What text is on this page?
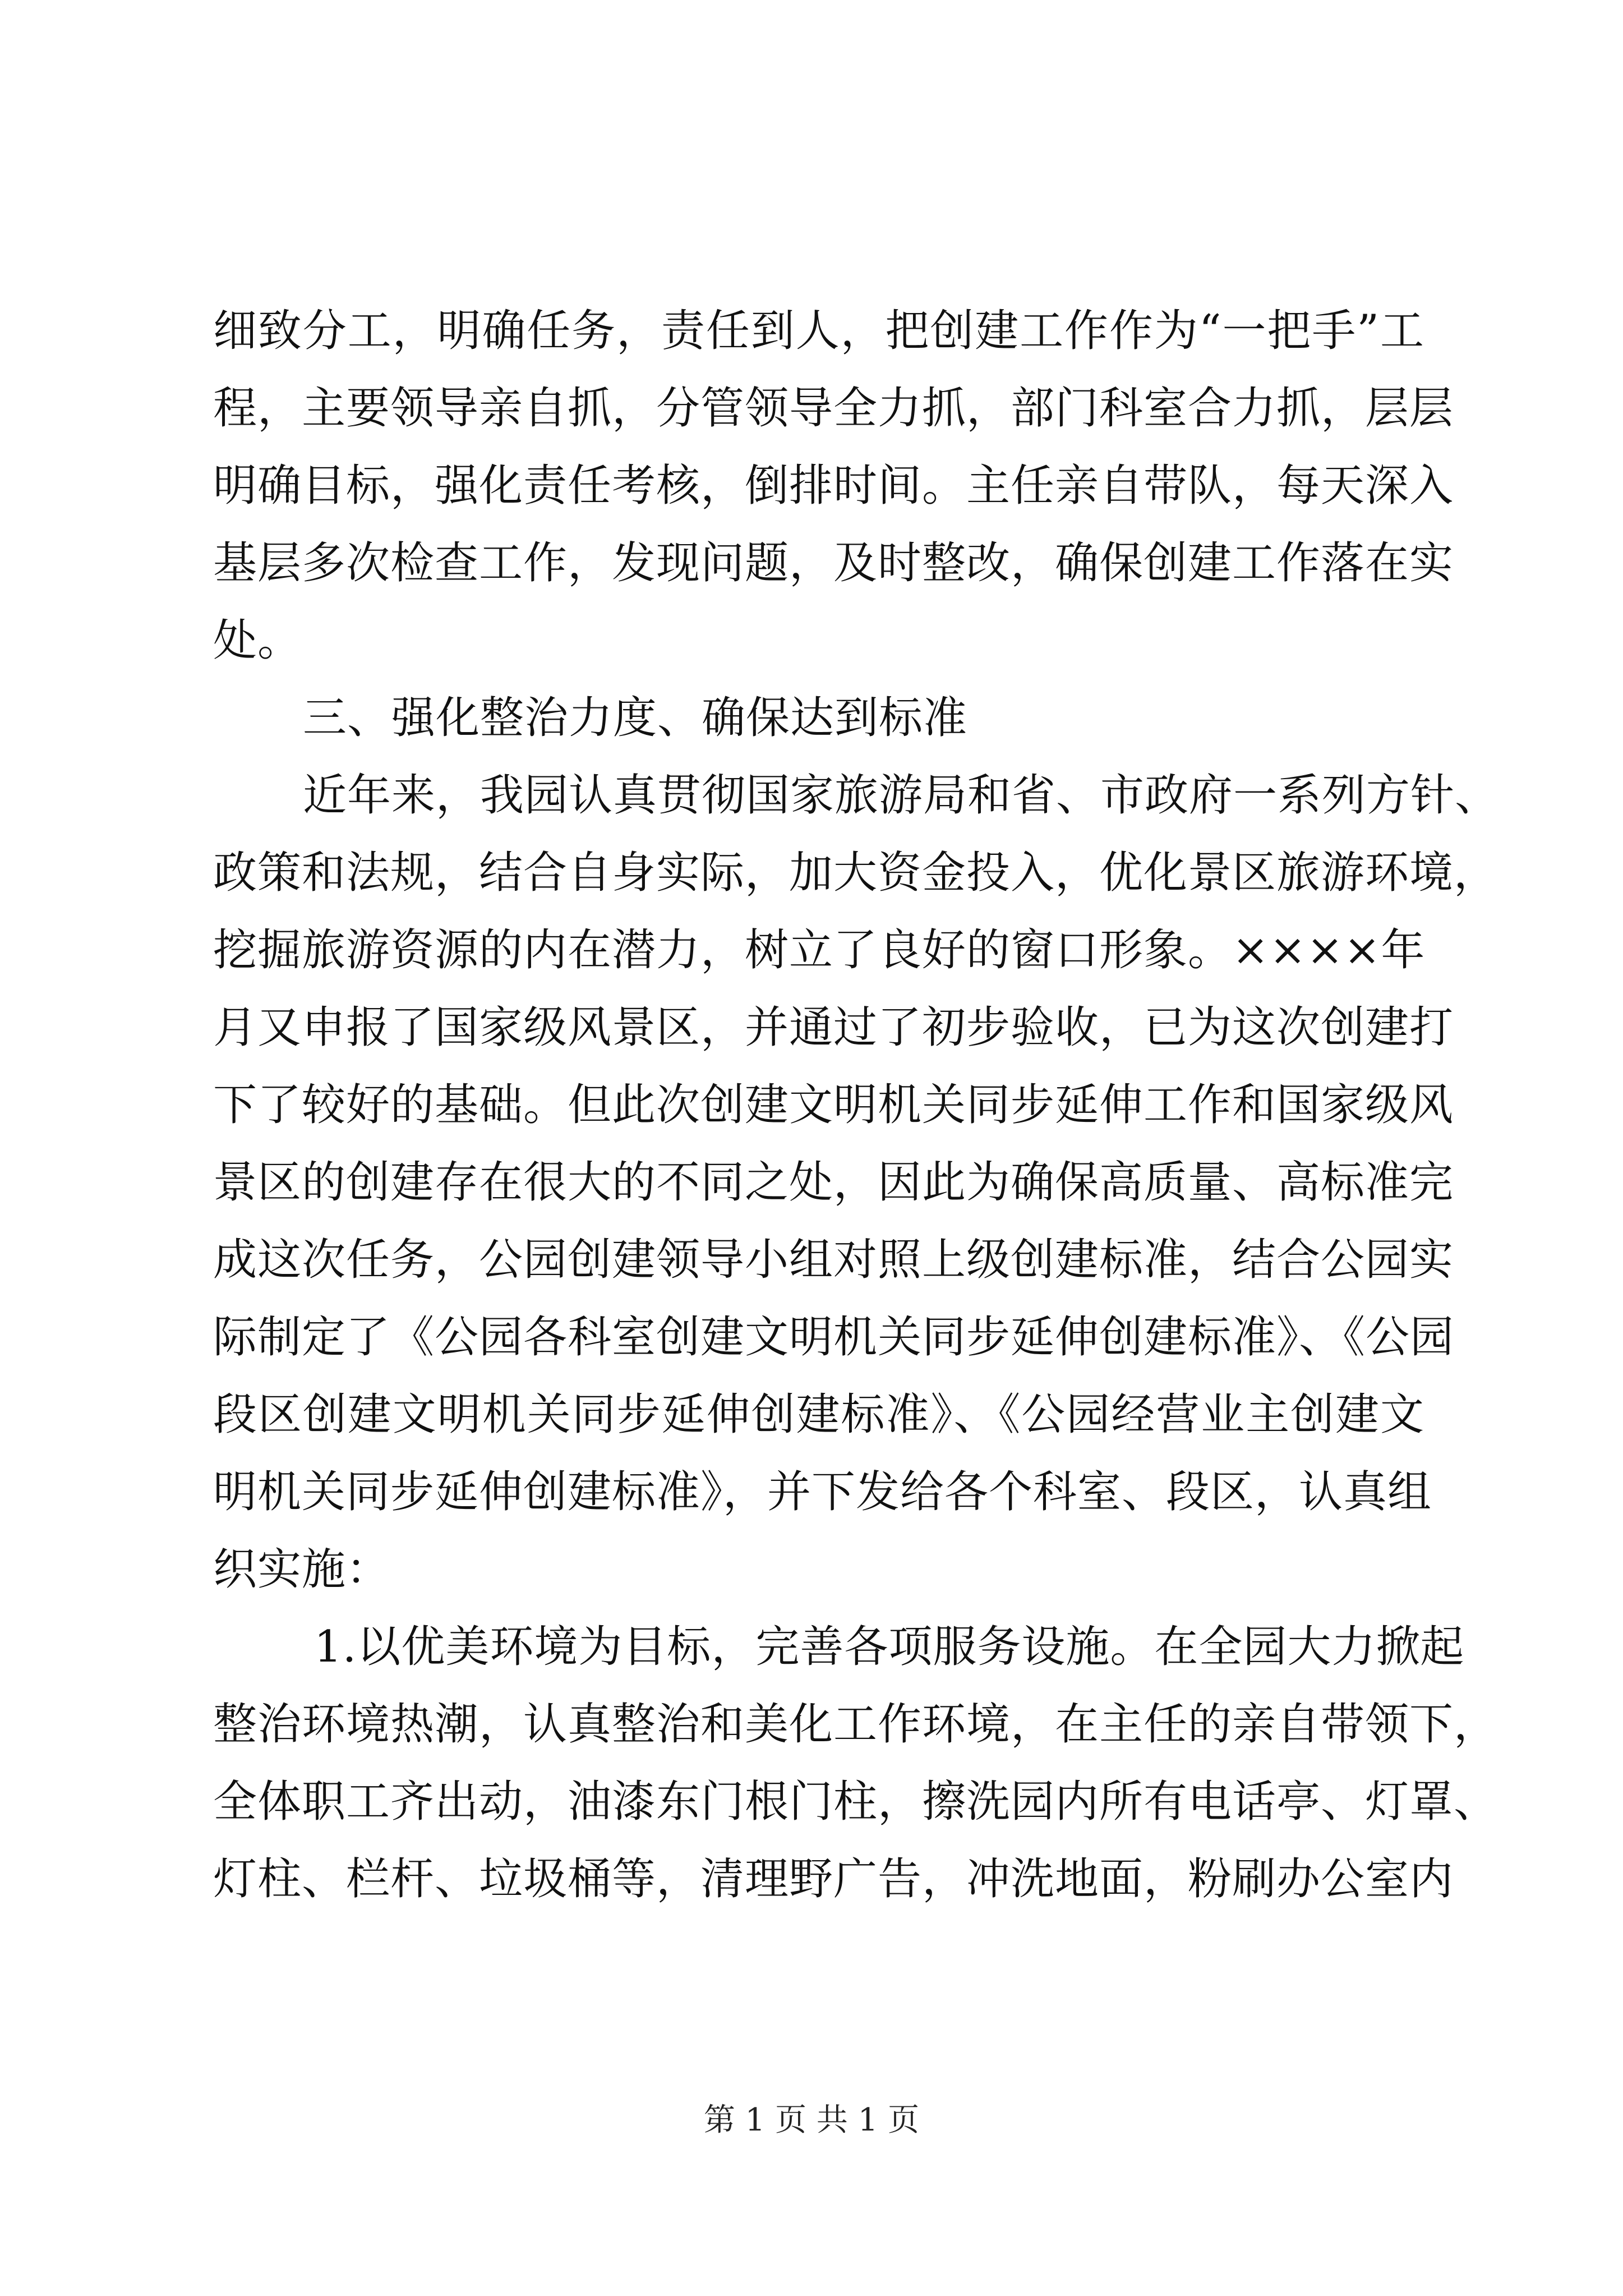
细致分工，明确任务，责任到人，把创建工作作为“一把手”工
程，主要领导亲自抓，分管领导全力抓，部门科室合力抓，层层
明确目标，强化责任考核，倒排时间。主任亲自带队，每天深入
基层多次检查工作，发现问题，及时整改，确保创建工作落在实
处。
三、强化整治力度、确保达到标准
近年来，我园认真贯彻国家旅游局和省、市政府一系列方针、
政策和法规，结合自身实际，加大资金投入，优化景区旅游环境，
挖掘旅游资源的内在潜力，树立了良好的窗口形象。××××年
月又申报了国家级风景区，并通过了初步验收，已为这次创建打
下了较好的基础。但此次创建文明机关同步延伸工作和国家级风
景区的创建存在很大的不同之处，因此为确保高质量、高标准完
成这次任务，公园创建领导小组对照上级创建标准，结合公园实
际制定了《公园各科室创建文明机关同步延伸创建标准》、《公园
段区创建文明机关同步延伸创建标准》、《公园经营业主创建文
明机关同步延伸创建标准》，并下发给各个科室、段区，认真组
织实施：
1.以优美环境为目标，完善各项服务设施。在全园大力掀起
整治环境热潮，认真整治和美化工作环境，在主任的亲自带领下，
全体职工齐出动，油漆东门根门柱，擦洗园内所有电话亭、灯罩、
灯柱、栏杆、垃圾桶等，清理野广告，冲洗地面，粉刷办公室内
第 1 页 共 1 页
